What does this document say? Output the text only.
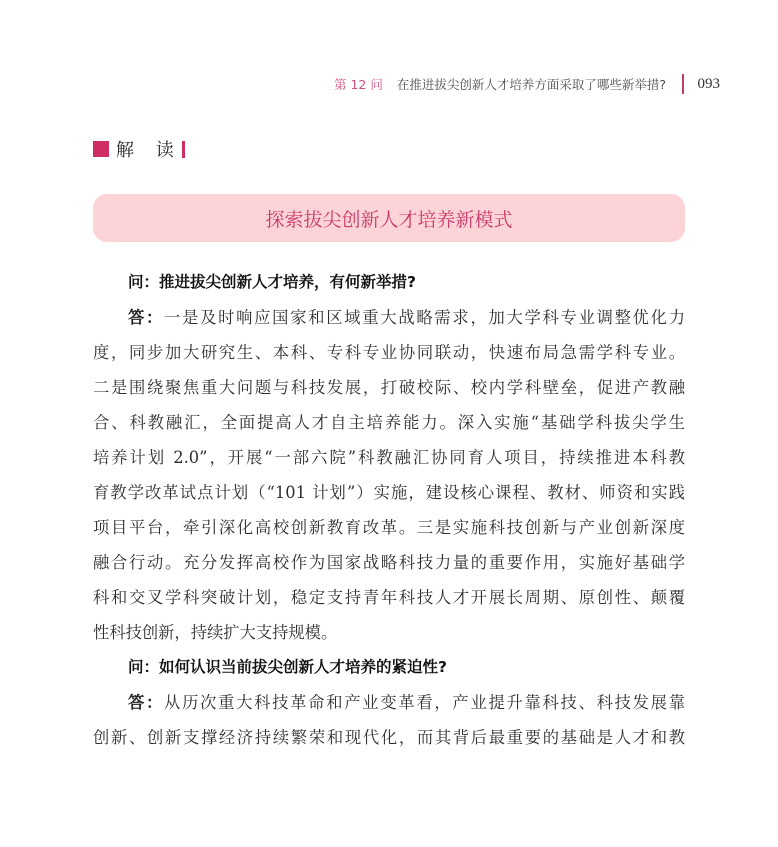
第 12 问 在推进拔尖创新人才培养方面采取了哪些新举措? 093
解 读
探索拔尖创新人才培养新模式
问：推进拔尖创新人才培养，有何新举措?
答：一是及时响应国家和区域重大战略需求，加大学科专业调整优化力
度，同步加大研究生、本科、专科专业协同联动，快速布局急需学科专业。
二是围绕聚焦重大问题与科技发展，打破校际、校内学科壁垒，促进产教融
合、科教融汇，全面提高人才自主培养能力。深入实施“基础学科拔尖学生
培养计划 2.0”，开展“一部六院”科教融汇协同育人项目，持续推进本科教
育教学改革试点计划（“101 计划”）实施，建设核心课程、教材、师资和实践
项目平台，牵引深化高校创新教育改革。三是实施科技创新与产业创新深度
融合行动。充分发挥高校作为国家战略科技力量的重要作用，实施好基础学
科和交叉学科突破计划，稳定支持青年科技人才开展长周期、原创性、颠覆
性科技创新，持续扩大支持规模。
问：如何认识当前拔尖创新人才培养的紧迫性?
答：从历次重大科技革命和产业变革看，产业提升靠科技、科技发展靠
创新、创新支撑经济持续繁荣和现代化，而其背后最重要的基础是人才和教
